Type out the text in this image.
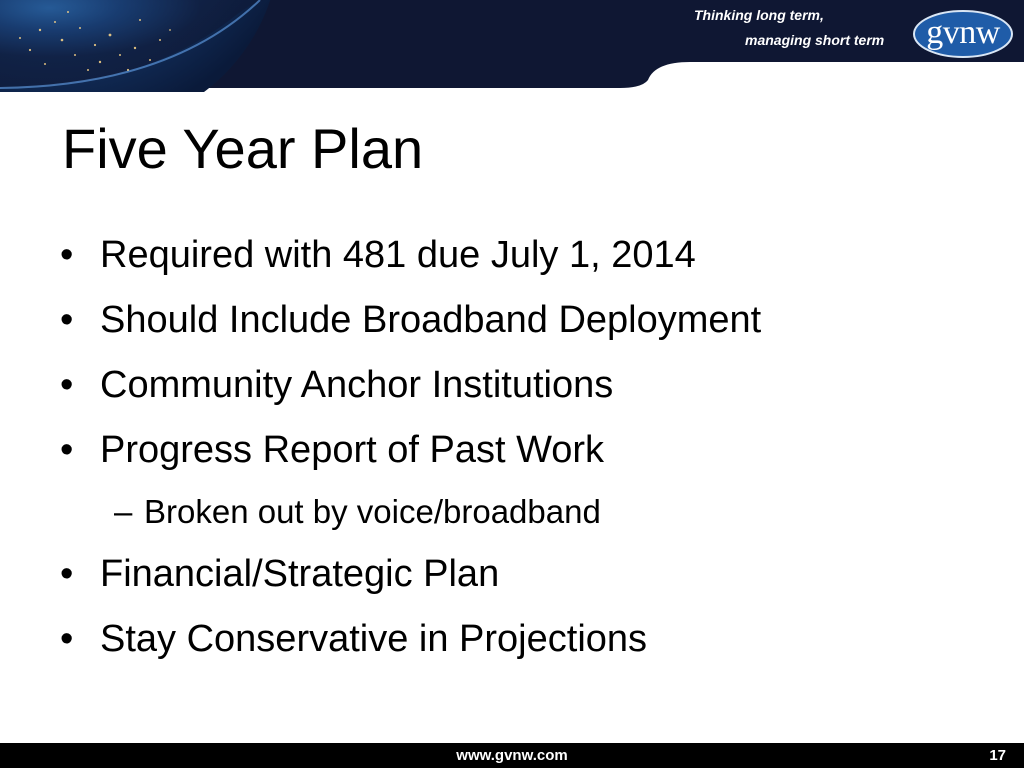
Thinking long term,
managing short term	gvnw
Five Year Plan
• Required with 481 due July 1, 2014
• Should Include Broadband Deployment
• Community Anchor Institutions
• Progress Report of Past Work
– Broken out by voice/broadband
• Financial/Strategic Plan
• Stay Conservative in Projections
www.gvnw.com	17
